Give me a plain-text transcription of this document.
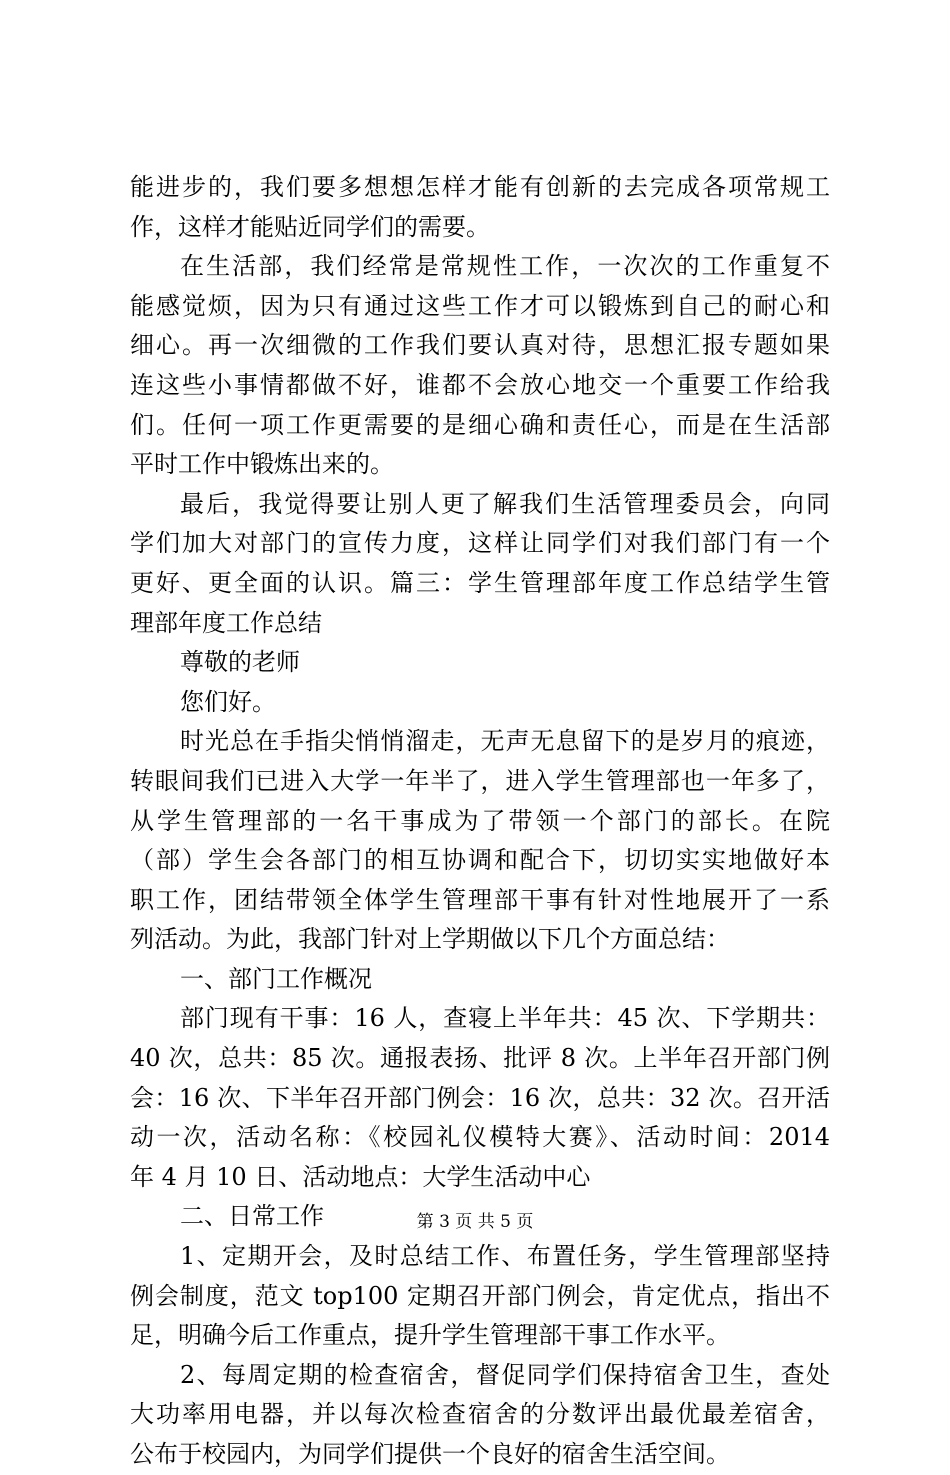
能进步的，我们要多想想怎样才能有创新的去完成各项常规工
作，这样才能贴近同学们的需要。
在生活部，我们经常是常规性工作，一次次的工作重复不
能感觉烦，因为只有通过这些工作才可以锻炼到自己的耐心和
细心。再一次细微的工作我们要认真对待，思想汇报专题如果
连这些小事情都做不好，谁都不会放心地交一个重要工作给我
们。任何一项工作更需要的是细心确和责任心，而是在生活部
平时工作中锻炼出来的。
最后，我觉得要让别人更了解我们生活管理委员会，向同
学们加大对部门的宣传力度，这样让同学们对我们部门有一个
更好、更全面的认识。篇三：学生管理部年度工作总结学生管
理部年度工作总结
尊敬的老师
您们好。
时光总在手指尖悄悄溜走，无声无息留下的是岁月的痕迹，
转眼间我们已进入大学一年半了，进入学生管理部也一年多了，
从学生管理部的一名干事成为了带领一个部门的部长。在院
（部）学生会各部门的相互协调和配合下，切切实实地做好本
职工作，团结带领全体学生管理部干事有针对性地展开了一系
列活动。为此，我部门针对上学期做以下几个方面总结：
一、部门工作概况
部门现有干事：16 人，查寝上半年共：45 次、下学期共：
40 次，总共：85 次。通报表扬、批评 8 次。上半年召开部门例
会：16 次、下半年召开部门例会：16 次，总共：32 次。召开活
动一次，活动名称：《校园礼仪模特大赛》、活动时间：2014
年 4 月 10 日、活动地点：大学生活动中心
二、日常工作
1、定期开会，及时总结工作、布置任务，学生管理部坚持
例会制度，范文 top100 定期召开部门例会，肯定优点，指出不
足，明确今后工作重点，提升学生管理部干事工作水平。
2、每周定期的检查宿舍，督促同学们保持宿舍卫生，查处
大功率用电器，并以每次检查宿舍的分数评出最优最差宿舍，
公布于校园内，为同学们提供一个良好的宿舍生活空间。
第 3 页 共 5 页
